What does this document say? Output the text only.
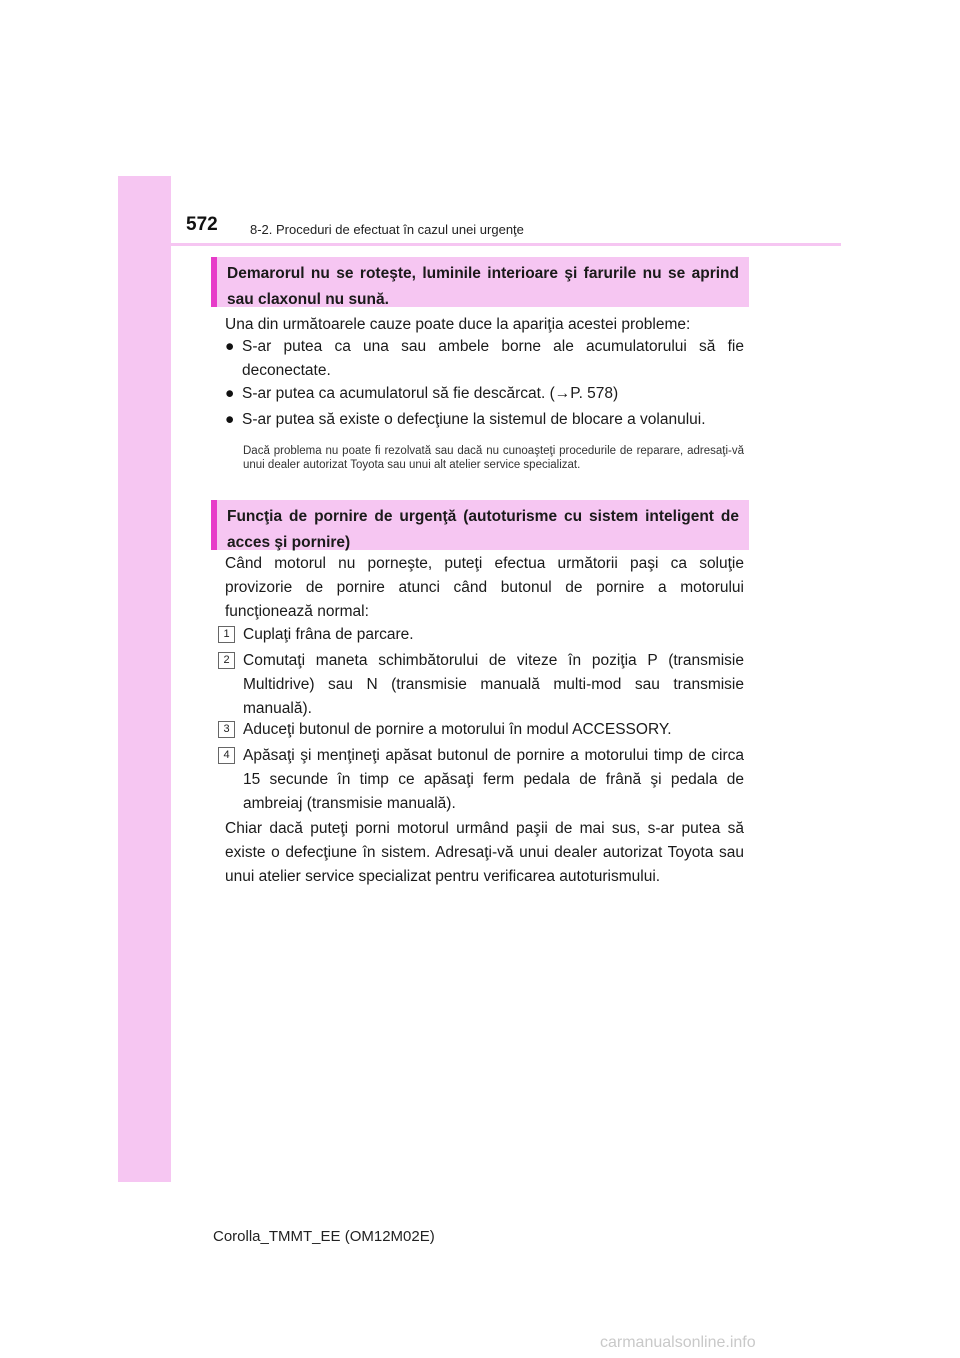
572 8-2. Proceduri de efectuat în cazul unei urgenţe
Demarorul nu se roteşte, luminile interioare şi farurile nu se aprind sau claxonul nu sună.
Una din următoarele cauze poate duce la apariţia acestei probleme:
● S-ar putea ca una sau ambele borne ale acumulatorului să fie deconectate.
● S-ar putea ca acumulatorul să fie descărcat. (→P. 578)
● S-ar putea să existe o defecţiune la sistemul de blocare a volanului.
Dacă problema nu poate fi rezolvată sau dacă nu cunoaşteţi procedurile de reparare, adresaţi-vă unui dealer autorizat Toyota sau unui alt atelier service specializat.
Funcţia de pornire de urgenţă (autoturisme cu sistem inteligent de acces şi pornire)
Când motorul nu porneşte, puteţi efectua următorii paşi ca soluţie provizorie de pornire atunci când butonul de pornire a motorului funcţionează normal:
1 Cuplaţi frâna de parcare.
2 Comutaţi maneta schimbătorului de viteze în poziţia P (transmisie Multidrive) sau N (transmisie manuală multi-mod sau transmisie manuală).
3 Aduceţi butonul de pornire a motorului în modul ACCESSORY.
4 Apăsaţi şi menţineţi apăsat butonul de pornire a motorului timp de circa 15 secunde în timp ce apăsaţi ferm pedala de frână şi pedala de ambreiaj (transmisie manuală).
Chiar dacă puteţi porni motorul urmând paşii de mai sus, s-ar putea să existe o defecţiune în sistem. Adresaţi-vă unui dealer autorizat Toyota sau unui atelier service specializat pentru verificarea autoturismului.
Corolla_TMMT_EE (OM12M02E)
carmanualsonline.info
